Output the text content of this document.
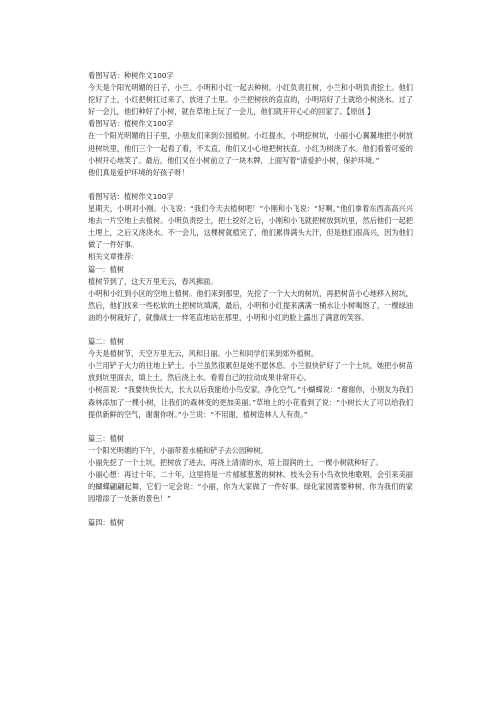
看图写话：种树作文100字

今天是个阳光明媚的日子，小兰、小明和小红一起去种树。小红负责扛树，小兰和小明负责挖土。他们挖好了土，小红把树扛过来了，放进了土里。小兰把树扶的直直的，小明培好了土就给小树浇水。过了好一会儿，他们种好了小树，就在草地上玩了一会儿，他们就开开心心的回家了。【原创 】

看图写话：植树作文100字

在一个阳光明媚的日子里，小朋友们来到公园植树。小红提水，小明挖树坑，小丽小心翼翼地把小树放进树坑里，他们三个一起看了看，不太直，他们又小心地把树扶直。小红为树浇了水。他们看着可爱的小树开心地笑了。最后，他们又在小树前立了一块木牌，上面写着“请爱护小树，保护环境。”

他们真是爱护环境的好孩子呀！

看图写话：植树作文100字

星期天，小明对小刚、小飞说：“我们今天去植树吧！”小刚和小飞说：“好啊。”他们拿着东西高高兴兴地去一片空地上去植树。小明负责挖土，把土挖好之后，小刚和小飞就把树放到坑里，然后他们一起把土埋上，之后又浇浇水。不一会儿，这棵树就植完了，他们累得满头大汗，但是他们很高兴，因为他们做了一件好事。

相关文章推荐：

篇一：植树

植树节到了，这天万里无云，春风拂面。

小明和小红到小区的空地上植树。他们来到那里，先挖了一个大大的树坑，再把树苗小心地移入树坑，然后，他们找来一些松软的土把树坑填满，最后，小明和小红提来满满一桶水让小树喝饱了，一棵绿油油的小树栽好了，就像战士一样笔直地站在那里，小明和小红的脸上露出了满意的笑容。

篇二：植树

今天是植树节，天空万里无云，风和日丽。小兰和同学们来到郊外植树。

小兰用铲子大力的往地上铲土。小兰虽然很累但是她不愿休息。小兰很快铲好了一个土坑，她把小树苗放到坑里面去，填上土，然后浇上水。看着自己的拉动成果非常开心。

小树苗说：“我要快快长大，长大以后我能给小鸟安家，净化空气。”小蝴蝶说：“谢谢你，小朋友为我们森林添加了一棵小树，让我们的森林变的更加美丽。”草地上的小花看到了说：“小树长大了可以给我们提供新鲜的空气，谢谢你呀。”小兰说：“不用谢，植树造林人人有责。”

篇三：植树

一个阳光明媚的下午，小丽带着水桶和铲子去公园种树。

小丽先挖了一个土坑，把树放了进去，再浇上清清的水，培上湿润的土，一棵小树就种好了。

小丽心想：再过十年，二十年，这里将是一片郁郁葱葱的树林。枝头会有小鸟欢快地歌唱，会引来美丽的蝴蝶翩翩起舞，它们一定会说：“小丽，你为大家做了一件好事。绿化家园需要种树，你为我们的家园增添了一处新的景色！”

篇四：植树
